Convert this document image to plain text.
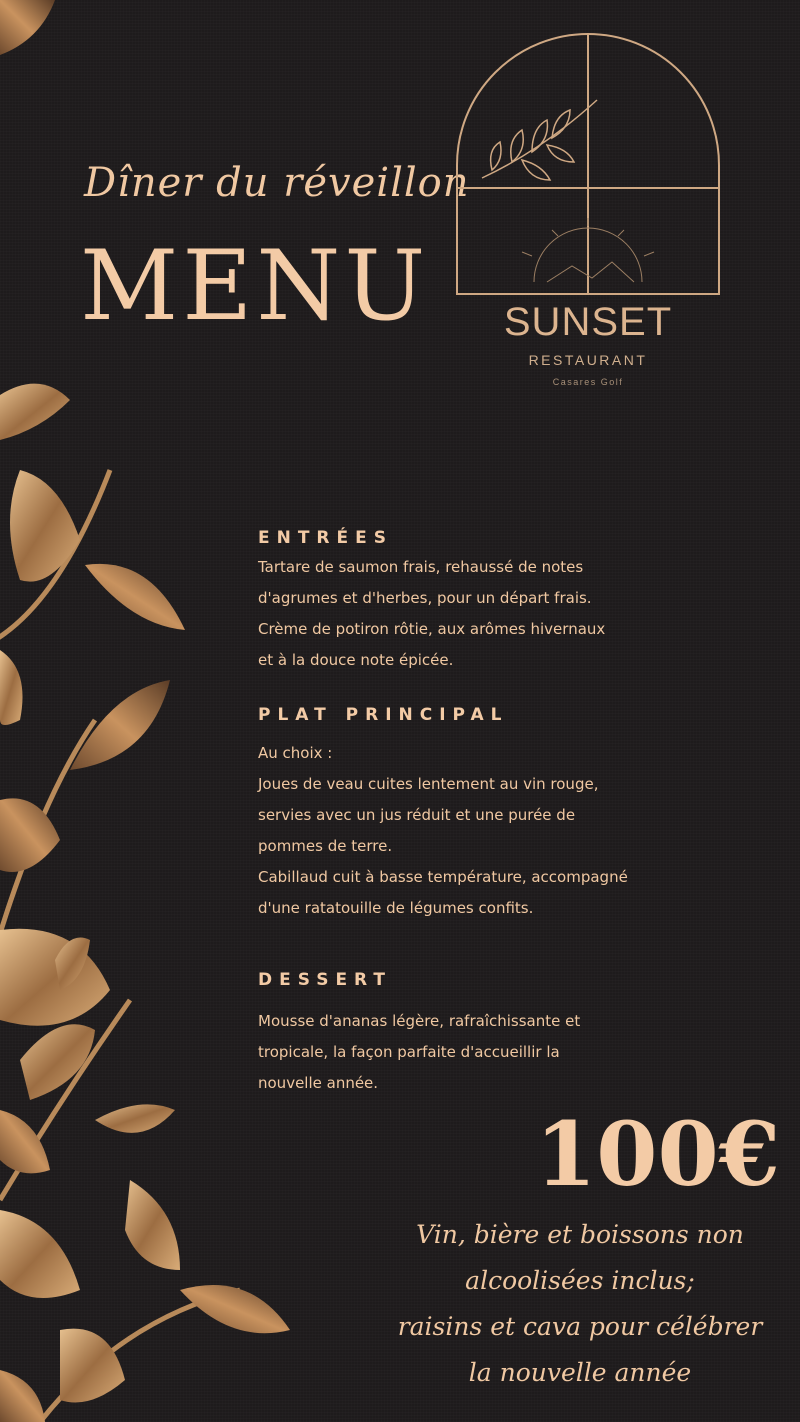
Dîner du réveillon
MENU	SUNSET
RESTAURANT
Casares Golf
ENTRÉES
Tartare de saumon frais, rehaussé de notes
d'agrumes et d'herbes, pour un départ frais.
Crème de potiron rôtie, aux arômes hivernaux
et à la douce note épicée.
PLAT PRINCIPAL
Au choix :
Joues de veau cuites lentement au vin rouge,
servies avec un jus réduit et une purée de
pommes de terre.
Cabillaud cuit à basse température, accompagné
d'une ratatouille de légumes confits.
DESSERT
Mousse d'ananas légère, rafraîchissante et
tropicale, la façon parfaite d'accueillir la
nouvelle année.
100€
Vin, bière et boissons non
alcoolisées inclus;
raisins et cava pour célébrer
la nouvelle année
